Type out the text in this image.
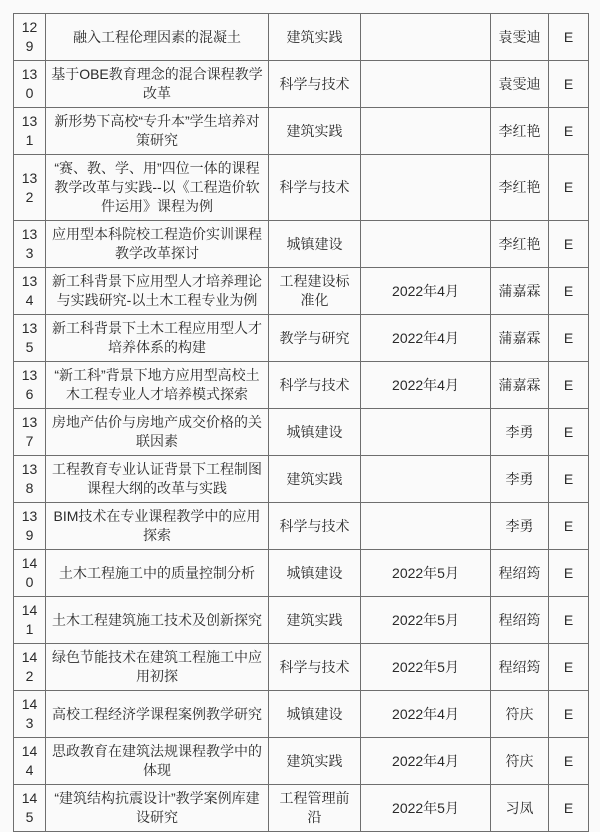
129	融入工程伦理因素的混凝土	建筑实践		袁雯迪	E
130	基于OBE教育理念的混合课程教学改革	科学与技术		袁雯迪	E
131	新形势下高校“专升本”学生培养对策研究	建筑实践		李红艳	E
132	“赛、教、学、用”四位一体的课程教学改革与实践--以《工程造价软件运用》课程为例	科学与技术		李红艳	E
133	应用型本科院校工程造价实训课程教学改革探讨	城镇建设		李红艳	E
134	新工科背景下应用型人才培养理论与实践研究-以土木工程专业为例	工程建设标准化	2022年4月	蒲嘉霖	E
135	新工科背景下土木工程应用型人才培养体系的构建	教学与研究	2022年4月	蒲嘉霖	E
136	“新工科”背景下地方应用型高校土木工程专业人才培养模式探索	科学与技术	2022年4月	蒲嘉霖	E
137	房地产估价与房地产成交价格的关联因素	城镇建设		李勇	E
138	工程教育专业认证背景下工程制图课程大纲的改革与实践	建筑实践		李勇	E
139	BIM技术在专业课程教学中的应用探索	科学与技术		李勇	E
140	土木工程施工中的质量控制分析	城镇建设	2022年5月	程绍筠	E
141	土木工程建筑施工技术及创新探究	建筑实践	2022年5月	程绍筠	E
142	绿色节能技术在建筑工程施工中应用初探	科学与技术	2022年5月	程绍筠	E
143	高校工程经济学课程案例教学研究	城镇建设	2022年4月	符庆	E
144	思政教育在建筑法规课程教学中的体现	建筑实践	2022年4月	符庆	E
145	“建筑结构抗震设计”教学案例库建设研究	工程管理前沿	2022年5月	习凤	E
